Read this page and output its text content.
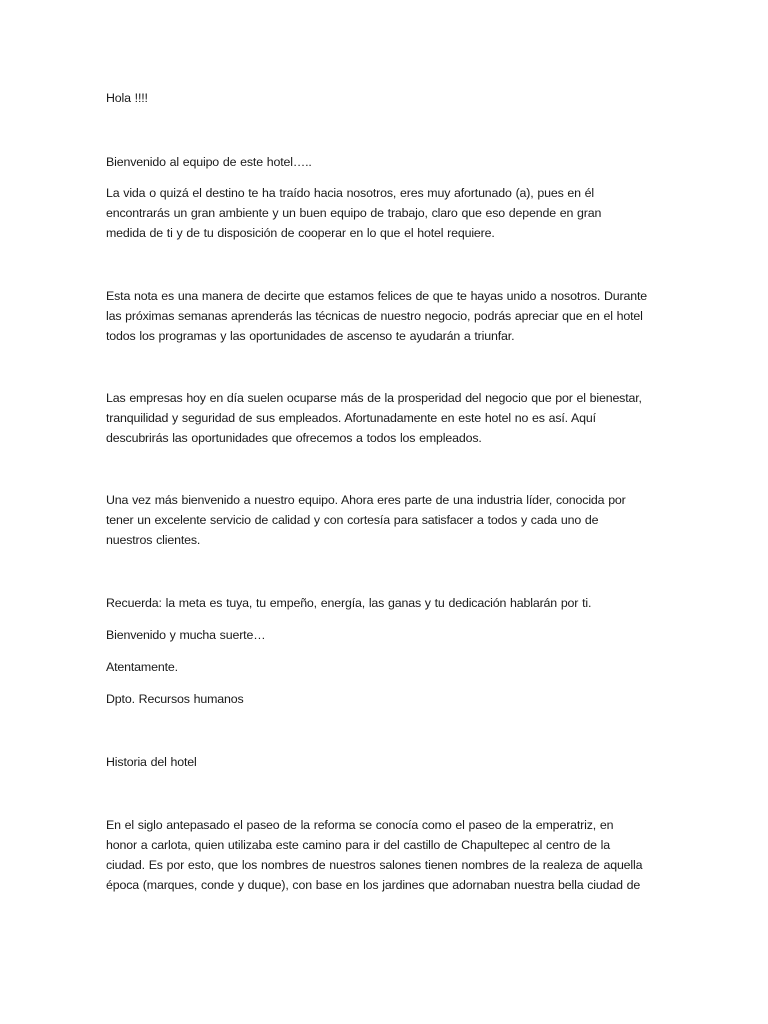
Hola !!!!

Bienvenido al equipo de este hotel…..

La vida o quizá el destino te ha traído hacia nosotros, eres muy afortunado (a), pues en él
encontrarás un gran ambiente y un buen equipo de trabajo, claro que eso depende en gran
medida de ti y de tu disposición de cooperar en lo que el hotel requiere.

Esta nota es una manera de decirte que estamos felices de que te hayas unido a nosotros. Durante
las próximas semanas aprenderás las técnicas de nuestro negocio, podrás apreciar que en el hotel
todos los programas y las oportunidades de ascenso te ayudarán a triunfar.

Las empresas hoy en día suelen ocuparse más de la prosperidad del negocio que por el bienestar,
tranquilidad y seguridad de sus empleados. Afortunadamente en este hotel no es así. Aquí
descubrirás las oportunidades que ofrecemos a todos los empleados.

Una vez más bienvenido a nuestro equipo. Ahora eres parte de una industria líder, conocida por
tener un excelente servicio de calidad y con cortesía para satisfacer a todos y cada uno de
nuestros clientes.

Recuerda: la meta es tuya, tu empeño, energía, las ganas y tu dedicación hablarán por ti.

Bienvenido y mucha suerte…

Atentamente.

Dpto. Recursos humanos

Historia del hotel

En el siglo antepasado el paseo de la reforma se conocía como el paseo de la emperatriz, en
honor a carlota, quien utilizaba este camino para ir del castillo de Chapultepec al centro de la
ciudad. Es por esto, que los nombres de nuestros salones tienen nombres de la realeza de aquella
época (marques, conde y duque), con base en los jardines que adornaban nuestra bella ciudad de
